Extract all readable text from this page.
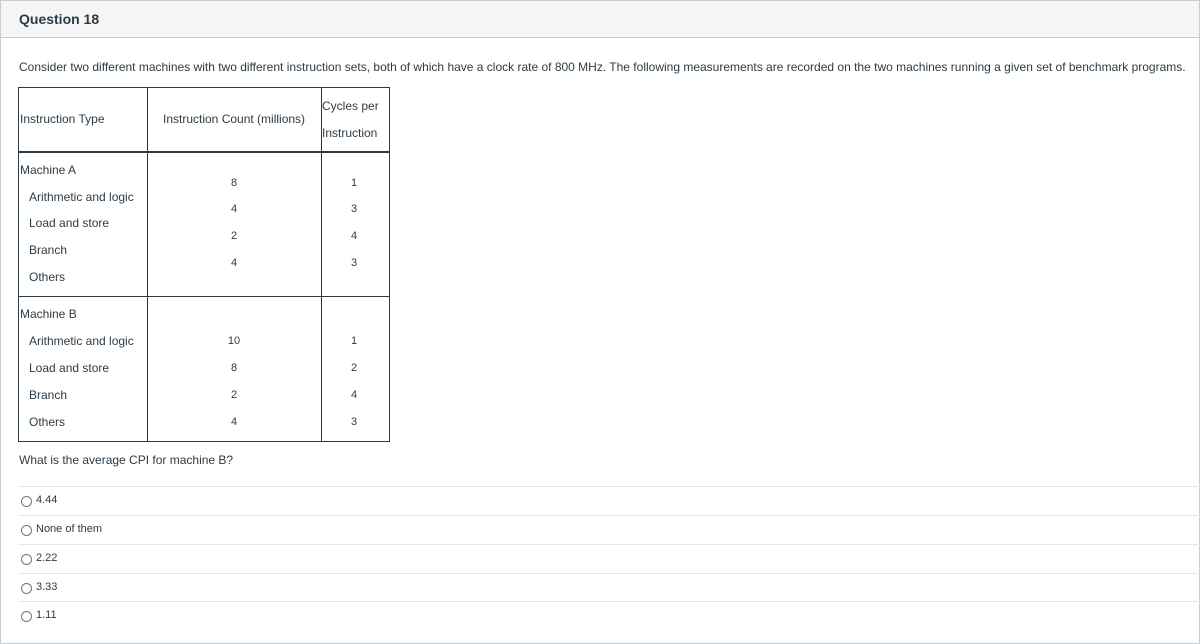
Question 18
Consider two different machines with two different instruction sets, both of which have a clock rate of 800 MHz. The following measurements are recorded on the two machines running a given set of benchmark programs.
Instruction Type	Instruction Count (millions)
Cycles per
Instruction
Machine A
Arithmetic and logic
Load and store
Branch
Others
8
4
2
4
1
3
4
3
Machine B
Arithmetic and logic
Load and store
Branch
Others
10
8
2
4
1
2
4
3
What is the average CPI for machine B?
4.44
None of them
2.22
3.33
1.11
